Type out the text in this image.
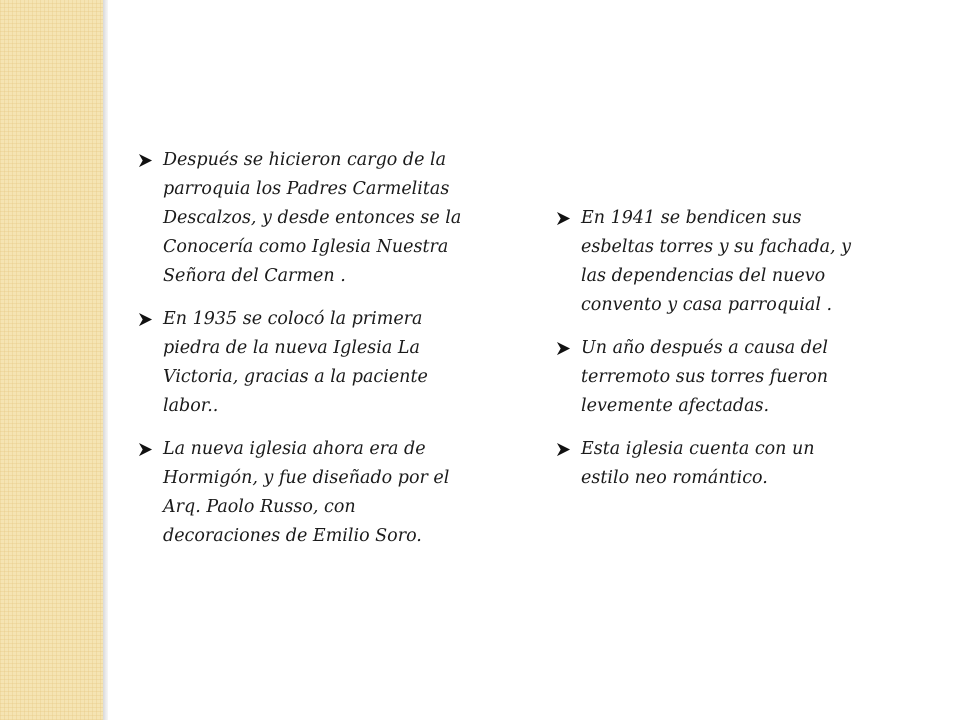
Después se hicieron cargo de la parroquia los Padres Carmelitas Descalzos, y desde entonces se la Conocería como Iglesia Nuestra Señora del Carmen .
En 1935 se colocó la primera piedra de la nueva Iglesia La Victoria, gracias a la paciente labor..
La nueva iglesia ahora era de Hormigón, y fue diseñado por el Arq. Paolo Russo, con decoraciones de Emilio Soro.
En 1941 se bendicen sus esbeltas torres y su fachada, y las dependencias del nuevo convento y casa parroquial .
Un año después a causa del terremoto sus torres fueron levemente afectadas.
Esta iglesia cuenta con un estilo neo romántico.
